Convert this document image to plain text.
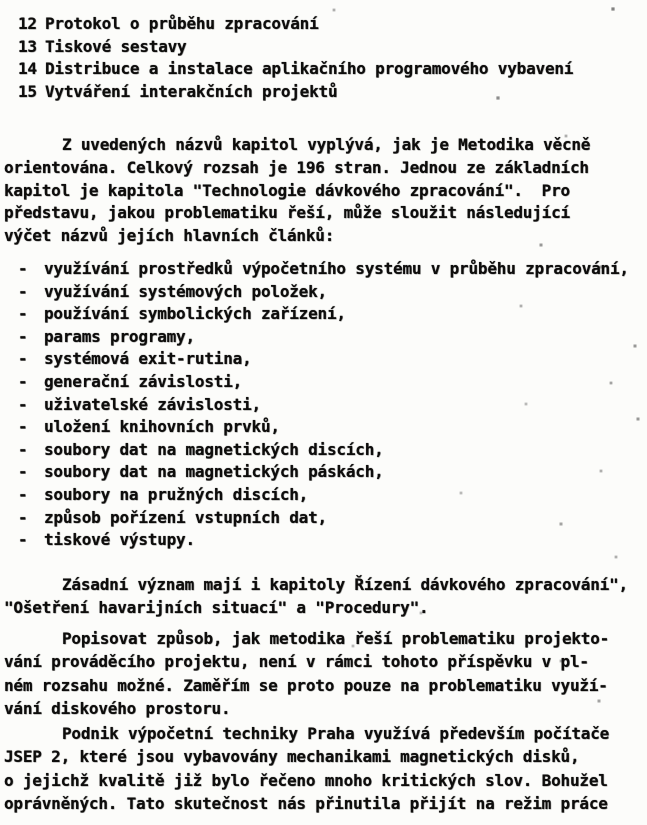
12 Protokol o průběhu zpracování
13 Tiskové sestavy
14 Distribuce a instalace aplikačního programového vybavení
15 Vytváření interakčních projektů
Z uvedených názvů kapitol vyplývá, jak je Metodika věcně
orientována. Celkový rozsah je 196 stran. Jednou ze základních
kapitol je kapitola "Technologie dávkového zpracování".  Pro
představu, jakou problematiku řeší, může sloužit následující
výčet názvů jejích hlavních článků:
-	využívání prostředků výpočetního systému v průběhu zpracování,
-	využívání systémových položek,
-	používání symbolických zařízení,
-	params programy,
-	systémová exit-rutina,
-	generační závislosti,
-	uživatelské závislosti,
-	uložení knihovních prvků,
-	soubory dat na magnetických discích,
-	soubory dat na magnetických páskách,
-	soubory na pružných discích,
-	způsob pořízení vstupních dat,
-	tiskové výstupy.
Zásadní význam mají i kapitoly Řízení dávkového zpracování",
"Ošetření havarijních situací" a "Procedury".
Popisovat způsob, jak metodika řeší problematiku projekto-
vání prováděcího projektu, není v rámci tohoto příspěvku v pl-
ném rozsahu možné. Zaměřím se proto pouze na problematiku využí-
vání diskového prostoru.
Podnik výpočetní techniky Praha využívá především počítače
JSEP 2, které jsou vybavovány mechanikami magnetických disků,
o jejichž kvalitě již bylo řečeno mnoho kritických slov. Bohužel
oprávněných. Tato skutečnost nás přinutila přijít na režim práce
